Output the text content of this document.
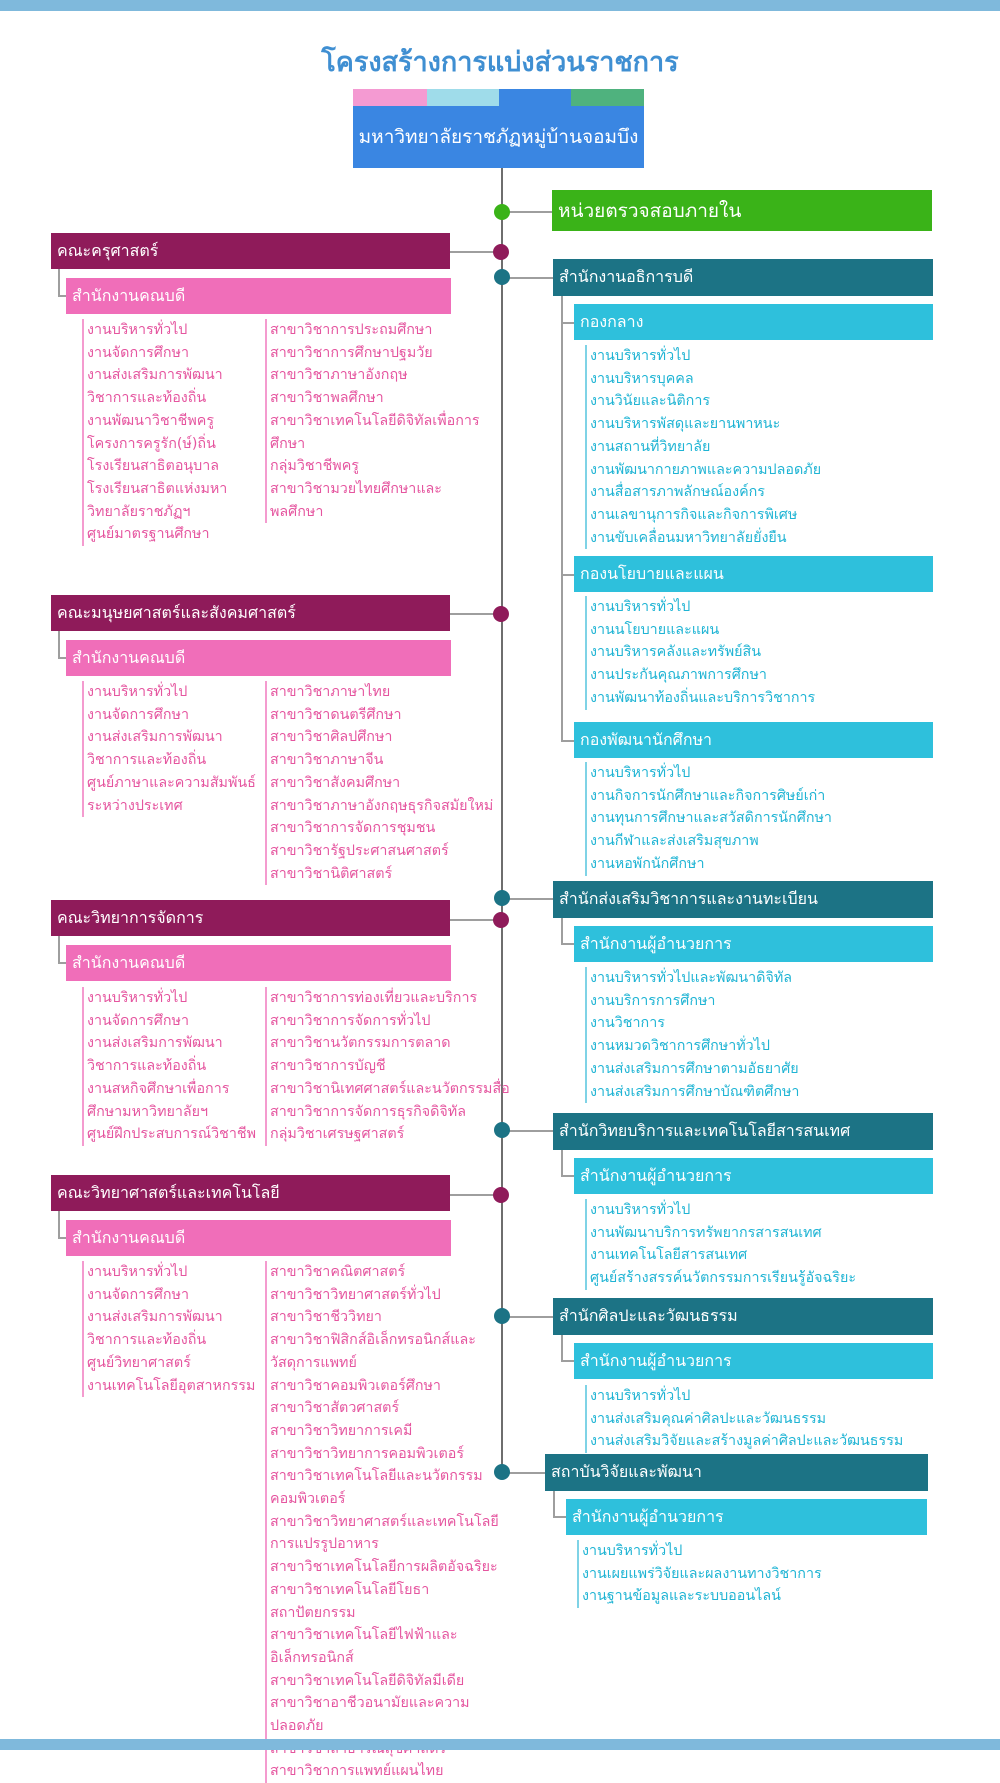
โครงสร้างการแบ่งส่วนราชการ
มหาวิทยาลัยราชภัฏหมู่บ้านจอมบึง
หน่วยตรวจสอบภายใน
คณะครุศาสตร์
สำนักงานคณบดี
งานบริหารทั่วไป
งานจัดการศึกษา
งานส่งเสริมการพัฒนาวิชาการและท้องถิ่น
งานพัฒนาวิชาชีพครู
โครงการครูรัก(ษ์)ถิ่น
โรงเรียนสาธิตอนุบาล
โรงเรียนสาธิตแห่งมหาวิทยาลัยราชภัฏฯ
ศูนย์มาตรฐานศึกษา
สาขาวิชาการประถมศึกษา
สาขาวิชาการศึกษาปฐมวัย
สาขาวิชาภาษาอังกฤษ
สาขาวิชาพลศึกษา
สาขาวิชาเทคโนโลยีดิจิทัลเพื่อการศึกษา
กลุ่มวิชาชีพครู
สาขาวิชามวยไทยศึกษาและพลศึกษา
คณะมนุษยศาสตร์และสังคมศาสตร์
สำนักงานคณบดี
งานบริหารทั่วไป
งานจัดการศึกษา
งานส่งเสริมการพัฒนาวิชาการและท้องถิ่น
ศูนย์ภาษาและความสัมพันธ์ระหว่างประเทศ
สาขาวิชาภาษาไทย
สาขาวิชาดนตรีศึกษา
สาขาวิชาศิลปศึกษา
สาขาวิชาภาษาจีน
สาขาวิชาสังคมศึกษา
สาขาวิชาภาษาอังกฤษธุรกิจสมัยใหม่
สาขาวิชาการจัดการชุมชน
สาขาวิชารัฐประศาสนศาสตร์
สาขาวิชานิติศาสตร์
คณะวิทยาการจัดการ
สำนักงานคณบดี
งานบริหารทั่วไป
งานจัดการศึกษา
งานส่งเสริมการพัฒนาวิชาการและท้องถิ่น
งานสหกิจศึกษาเพื่อการศึกษามหาวิทยาลัยฯ
ศูนย์ฝึกประสบการณ์วิชาชีพ
สาขาวิชาการท่องเที่ยวและบริการ
สาขาวิชาการจัดการทั่วไป
สาขาวิชานวัตกรรมการตลาด
สาขาวิชาการบัญชี
สาขาวิชานิเทศศาสตร์และนวัตกรรมสื่อ
สาขาวิชาการจัดการธุรกิจดิจิทัล
กลุ่มวิชาเศรษฐศาสตร์
คณะวิทยาศาสตร์และเทคโนโลยี
สำนักงานคณบดี
งานบริหารทั่วไป
งานจัดการศึกษา
งานส่งเสริมการพัฒนาวิชาการและท้องถิ่น
ศูนย์วิทยาศาสตร์
งานเทคโนโลยีอุตสาหกรรม
สาขาวิชาคณิตศาสตร์
สาขาวิชาวิทยาศาสตร์ทั่วไป
สาขาวิชาชีววิทยา
สาขาวิชาฟิสิกส์อิเล็กทรอนิกส์และวัสดุการแพทย์
สาขาวิชาคอมพิวเตอร์ศึกษา
สาขาวิชาสัตวศาสตร์
สาขาวิชาวิทยาการเคมี
สาขาวิชาวิทยาการคอมพิวเตอร์
สาขาวิชาเทคโนโลยีและนวัตกรรมคอมพิวเตอร์
สาขาวิชาวิทยาศาสตร์และเทคโนโลยีการแปรรูปอาหาร
สาขาวิชาเทคโนโลยีการผลิตอัจฉริยะ
สาขาวิชาเทคโนโลยีโยธาสถาปัตยกรรม
สาขาวิชาเทคโนโลยีไฟฟ้าและอิเล็กทรอนิกส์
สาขาวิชาเทคโนโลยีดิจิทัลมีเดีย
สาขาวิชาอาชีวอนามัยและความปลอดภัย
สาขาวิชาการแพทย์แผนไทย
สำนักงานอธิการบดี
กองกลาง
งานบริหารทั่วไป
งานบริหารบุคคล
งานวินัยและนิติการ
งานบริหารพัสดุและยานพาหนะ
งานสถานที่วิทยาลัย
งานพัฒนากายภาพและความปลอดภัย
งานสื่อสารภาพลักษณ์องค์กร
งานเลขานุการกิจและกิจการพิเศษ
งานขับเคลื่อนมหาวิทยาลัยยั่งยืน
กองนโยบายและแผน
งานบริหารทั่วไป
งานนโยบายและแผน
งานบริหารคลังและทรัพย์สิน
งานประกันคุณภาพการศึกษา
งานพัฒนาท้องถิ่นและบริการวิชาการ
กองพัฒนานักศึกษา
งานบริหารทั่วไป
งานกิจการนักศึกษาและกิจการศิษย์เก่า
งานทุนการศึกษาและสวัสดิการนักศึกษา
งานกีฬาและส่งเสริมสุขภาพ
งานหอพักนักศึกษา
สำนักส่งเสริมวิชาการและงานทะเบียน
สำนักงานผู้อำนวยการ
งานบริหารทั่วไปและพัฒนาดิจิทัล
งานบริการการศึกษา
งานวิชาการ
งานหมวดวิชาการศึกษาทั่วไป
งานส่งเสริมการศึกษาตามอัธยาศัย
งานส่งเสริมการศึกษาบัณฑิตศึกษา
สำนักวิทยบริการและเทคโนโลยีสารสนเทศ
สำนักงานผู้อำนวยการ
งานบริหารทั่วไป
งานพัฒนาบริการทรัพยากรสารสนเทศ
งานเทคโนโลยีสารสนเทศ
ศูนย์สร้างสรรค์นวัตกรรมการเรียนรู้อัจฉริยะ
สำนักศิลปะและวัฒนธรรม
สำนักงานผู้อำนวยการ
งานบริหารทั่วไป
งานส่งเสริมคุณค่าศิลปะและวัฒนธรรม
งานส่งเสริมวิจัยและสร้างมูลค่าศิลปะและวัฒนธรรม
สถาบันวิจัยและพัฒนา
สำนักงานผู้อำนวยการ
งานบริหารทั่วไป
งานเผยแพร่วิจัยและผลงานทางวิชาการ
งานฐานข้อมูลและระบบออนไลน์
